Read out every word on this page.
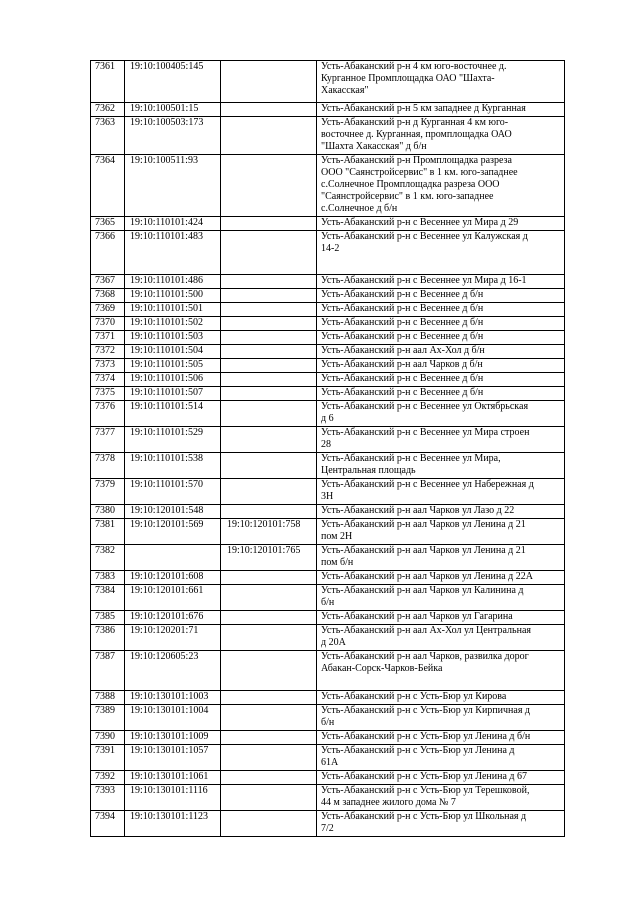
7361	19:10:100405:145		Усть-Абаканский р-н 4 км юго-восточнее д.
Курганное Промплощадка ОАО "Шахта-
Хакасская"

7362	19:10:100501:15		Усть-Абаканский р-н 5 км западнее д Курганная

7363	19:10:100503:173		Усть-Абаканский р-н д Курганная 4 км юго-
восточнее д. Курганная, промплощадка ОАО
"Шахта Хакасская" д б/н

7364	19:10:100511:93		Усть-Абаканский р-н Промплощадка разреза
ООО "Саянстройсервис" в 1 км. юго-западнее
с.Солнечное Промплощадка разреза ООО
"Саянстройсервис" в 1 км. юго-западнее
с.Солнечное д б/н

7365	19:10:110101:424		Усть-Абаканский р-н с Весеннее ул Мира д 29

7366	19:10:110101:483		Усть-Абаканский р-н с Весеннее ул Калужская д
14-2

7367	19:10:110101:486		Усть-Абаканский р-н с Весеннее ул Мира д 16-1

7368	19:10:110101:500		Усть-Абаканский р-н с Весеннее д б/н

7369	19:10:110101:501		Усть-Абаканский р-н с Весеннее д б/н

7370	19:10:110101:502		Усть-Абаканский р-н с Весеннее д б/н

7371	19:10:110101:503		Усть-Абаканский р-н с Весеннее д б/н

7372	19:10:110101:504		Усть-Абаканский р-н аал Ах-Хол д б/н

7373	19:10:110101:505		Усть-Абаканский р-н аал Чарков д б/н

7374	19:10:110101:506		Усть-Абаканский р-н с Весеннее д б/н

7375	19:10:110101:507		Усть-Абаканский р-н с Весеннее д б/н

7376	19:10:110101:514		Усть-Абаканский р-н с Весеннее ул Октябрьская
д 6

7377	19:10:110101:529		Усть-Абаканский р-н с Весеннее ул Мира строен
28

7378	19:10:110101:538		Усть-Абаканский р-н с Весеннее ул Мира,
Центральная площадь

7379	19:10:110101:570		Усть-Абаканский р-н с Весеннее ул Набережная д
3Н

7380	19:10:120101:548		Усть-Абаканский р-н аал Чарков ул Лазо д 22

7381	19:10:120101:569	19:10:120101:758	Усть-Абаканский р-н аал Чарков ул Ленина д 21
пом 2Н

7382		19:10:120101:765	Усть-Абаканский р-н аал Чарков ул Ленина д 21
пом б/н

7383	19:10:120101:608		Усть-Абаканский р-н аал Чарков ул Ленина д 22А

7384	19:10:120101:661		Усть-Абаканский р-н аал Чарков ул Калинина д
б/н

7385	19:10:120101:676		Усть-Абаканский р-н аал Чарков ул Гагарина

7386	19:10:120201:71		Усть-Абаканский р-н аал Ах-Хол ул Центральная
д 20А

7387	19:10:120605:23		Усть-Абаканский р-н аал Чарков, развилка дорог
Абакан-Сорск-Чарков-Бейка

7388	19:10:130101:1003		Усть-Абаканский р-н с Усть-Бюр ул Кирова

7389	19:10:130101:1004		Усть-Абаканский р-н с Усть-Бюр ул Кирпичная д
б/н

7390	19:10:130101:1009		Усть-Абаканский р-н с Усть-Бюр ул Ленина д б/н

7391	19:10:130101:1057		Усть-Абаканский р-н с Усть-Бюр ул Ленина д
61А

7392	19:10:130101:1061		Усть-Абаканский р-н с Усть-Бюр ул Ленина д 67

7393	19:10:130101:1116		Усть-Абаканский р-н с Усть-Бюр ул Терешковой,
44 м западнее жилого дома № 7

7394	19:10:130101:1123		Усть-Абаканский р-н с Усть-Бюр ул Школьная д
7/2
